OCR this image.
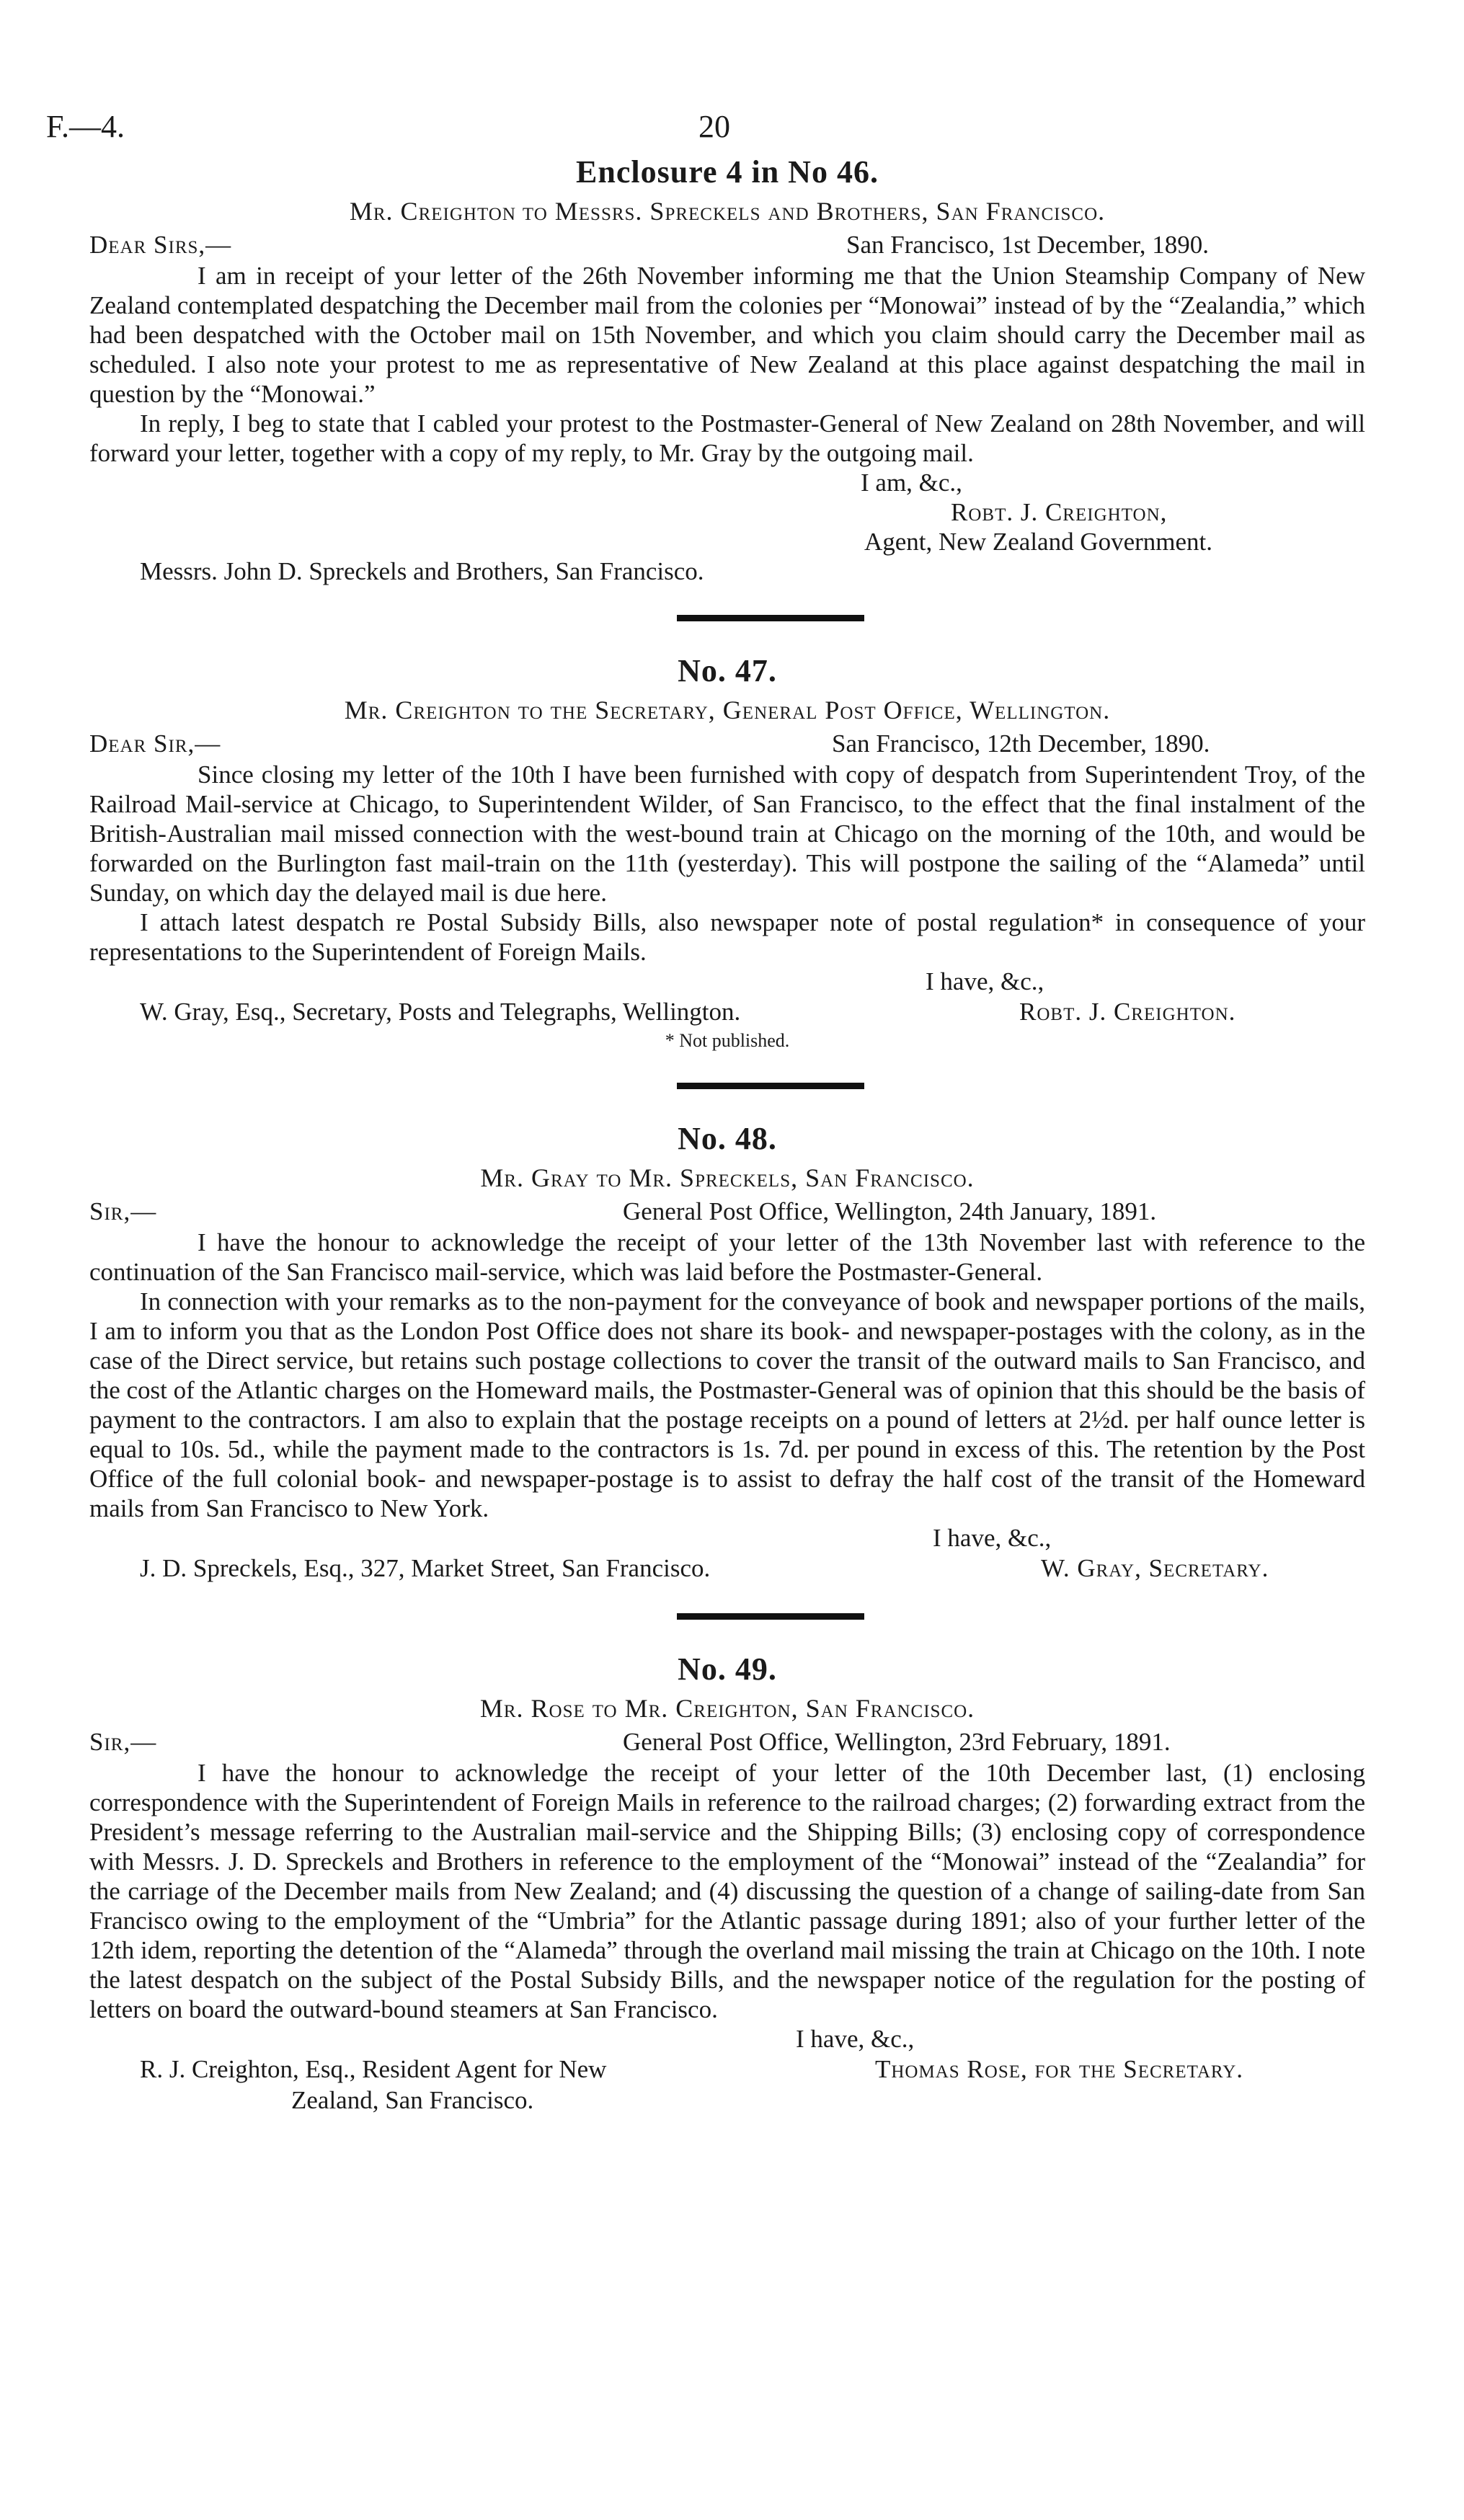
F.—4.	20
Enclosure 4 in No 46.

Mr. Creighton to Messrs. Spreckels and Brothers, San Francisco.

Dear Sirs,—	San Francisco, 1st December, 1890.

I am in receipt of your letter of the 26th November informing me that the Union Steamship Company of New Zealand contemplated despatching the December mail from the colonies per “Monowai” instead of by the “Zealandia,” which had been despatched with the October mail on 15th November, and which you claim should carry the December mail as scheduled. I also note your protest to me as representative of New Zealand at this place against despatching the mail in question by the “Monowai.”

In reply, I beg to state that I cabled your protest to the Postmaster-General of New Zealand on 28th November, and will forward your letter, together with a copy of my reply, to Mr. Gray by the outgoing mail.

I am, &c.,
Robt. J. Creighton,
Agent, New Zealand Government.
Messrs. John D. Spreckels and Brothers, San Francisco.
No. 47.

Mr. Creighton to the Secretary, General Post Office, Wellington.

Dear Sir,—	San Francisco, 12th December, 1890.

Since closing my letter of the 10th I have been furnished with copy of despatch from Superintendent Troy, of the Railroad Mail-service at Chicago, to Superintendent Wilder, of San Francisco, to the effect that the final instalment of the British-Australian mail missed connection with the west-bound train at Chicago on the morning of the 10th, and would be forwarded on the Burlington fast mail-train on the 11th (yesterday). This will postpone the sailing of the “Alameda” until Sunday, on which day the delayed mail is due here.

I attach latest despatch re Postal Subsidy Bills, also newspaper note of postal regulation* in consequence of your representations to the Superintendent of Foreign Mails.

I have, &c.,
W. Gray, Esq., Secretary, Posts and Telegraphs, Wellington.	Robt. J. Creighton.
* Not published.
No. 48.

Mr. Gray to Mr. Spreckels, San Francisco.

Sir,—	General Post Office, Wellington, 24th January, 1891.

I have the honour to acknowledge the receipt of your letter of the 13th November last with reference to the continuation of the San Francisco mail-service, which was laid before the Postmaster-General.

In connection with your remarks as to the non-payment for the conveyance of book and newspaper portions of the mails, I am to inform you that as the London Post Office does not share its book- and newspaper-postages with the colony, as in the case of the Direct service, but retains such postage collections to cover the transit of the outward mails to San Francisco, and the cost of the Atlantic charges on the Homeward mails, the Postmaster-General was of opinion that this should be the basis of payment to the contractors. I am also to explain that the postage receipts on a pound of letters at 2½d. per half ounce letter is equal to 10s. 5d., while the payment made to the contractors is 1s. 7d. per pound in excess of this. The retention by the Post Office of the full colonial book- and newspaper-postage is to assist to defray the half cost of the transit of the Homeward mails from San Francisco to New York.

I have, &c.,
J. D. Spreckels, Esq., 327, Market Street, San Francisco.	W. Gray, Secretary.
No. 49.

Mr. Rose to Mr. Creighton, San Francisco.

Sir,—	General Post Office, Wellington, 23rd February, 1891.

I have the honour to acknowledge the receipt of your letter of the 10th December last, (1) enclosing correspondence with the Superintendent of Foreign Mails in reference to the railroad charges; (2) forwarding extract from the President’s message referring to the Australian mail-service and the Shipping Bills; (3) enclosing copy of correspondence with Messrs. J. D. Spreckels and Brothers in reference to the employment of the “Monowai” instead of the “Zealandia” for the carriage of the December mails from New Zealand; and (4) discussing the question of a change of sailing-date from San Francisco owing to the employment of the “Umbria” for the Atlantic passage during 1891; also of your further letter of the 12th idem, reporting the detention of the “Alameda” through the overland mail missing the train at Chicago on the 10th. I note the latest despatch on the subject of the Postal Subsidy Bills, and the newspaper notice of the regulation for the posting of letters on board the outward-bound steamers at San Francisco.

I have, &c.,
R. J. Creighton, Esq., Resident Agent for New	Thomas Rose, for the Secretary.
Zealand, San Francisco.
